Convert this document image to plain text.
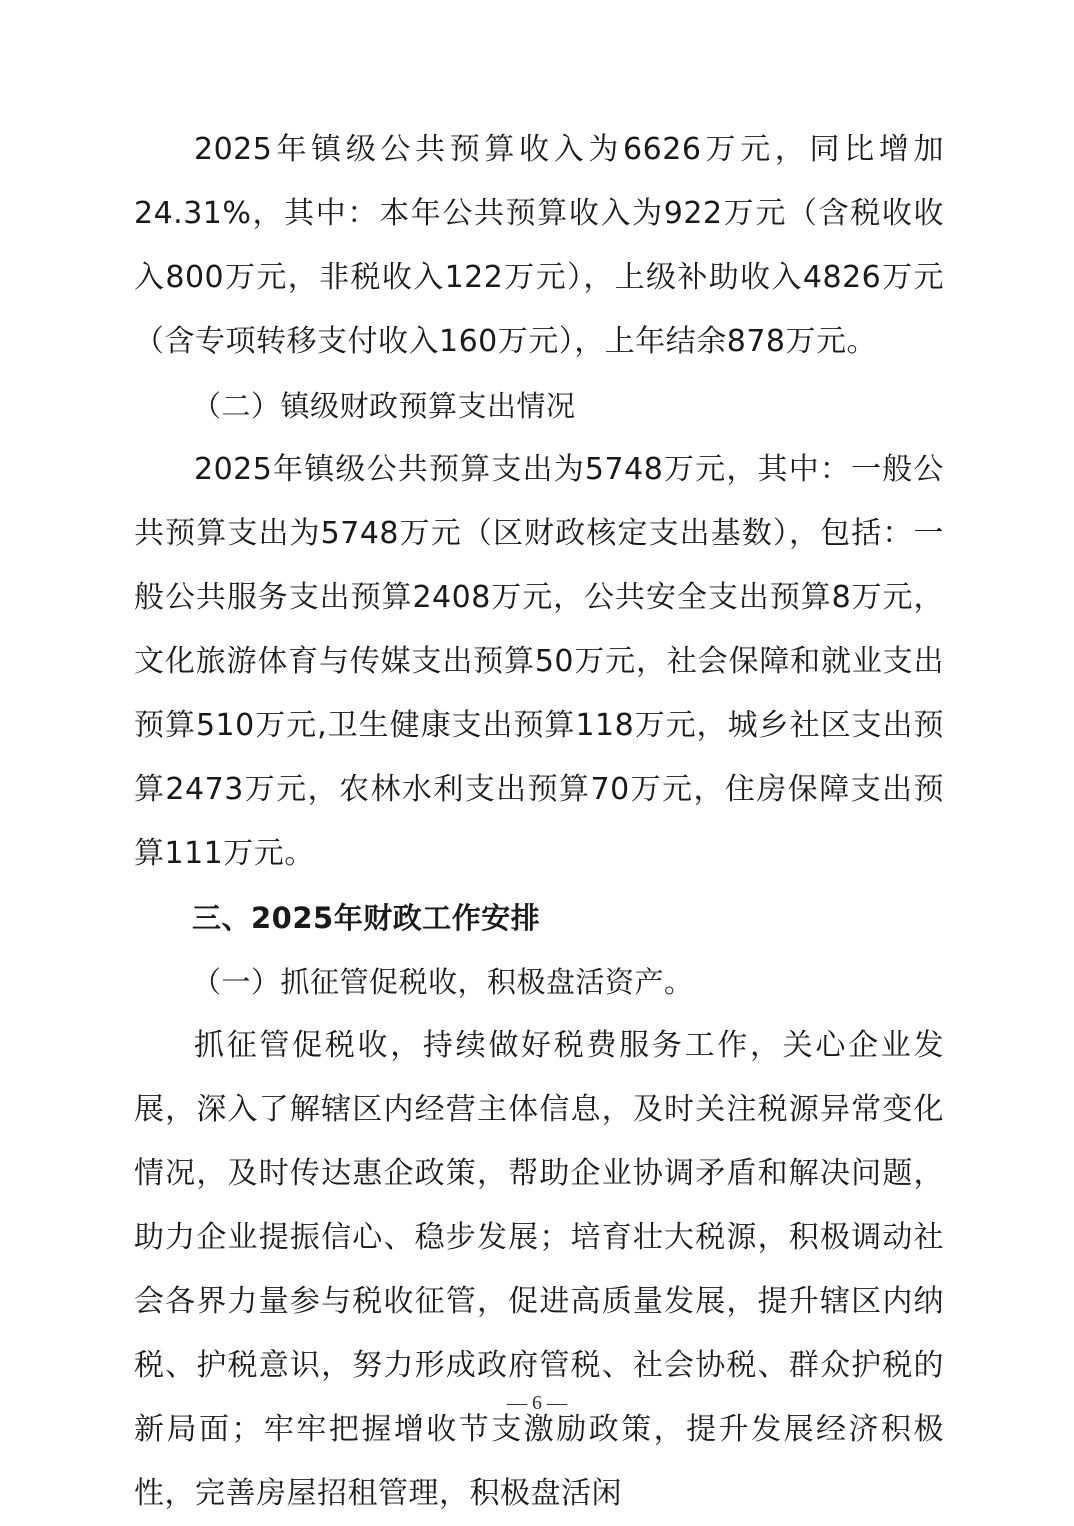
2025年镇级公共预算收入为6626万元，同比增加24.31%，其中：本年公共预算收入为922万元（含税收收入800万元，非税收入122万元），上级补助收入4826万元（含专项转移支付收入160万元），上年结余878万元。

（二）镇级财政预算支出情况

2025年镇级公共预算支出为5748万元，其中：一般公共预算支出为5748万元（区财政核定支出基数），包括：一般公共服务支出预算2408万元，公共安全支出预算8万元，文化旅游体育与传媒支出预算50万元，社会保障和就业支出预算510万元,卫生健康支出预算118万元，城乡社区支出预算2473万元，农林水利支出预算70万元，住房保障支出预算111万元。

三、2025年财政工作安排

（一）抓征管促税收，积极盘活资产。

抓征管促税收，持续做好税费服务工作，关心企业发展，深入了解辖区内经营主体信息，及时关注税源异常变化情况，及时传达惠企政策，帮助企业协调矛盾和解决问题，助力企业提振信心、稳步发展；培育壮大税源，积极调动社会各界力量参与税收征管，促进高质量发展，提升辖区内纳税、护税意识，努力形成政府管税、社会协税、群众护税的新局面；牢牢把握增收节支激励政策，提升发展经济积极性，完善房屋招租管理，积极盘活闲

— 6 —
